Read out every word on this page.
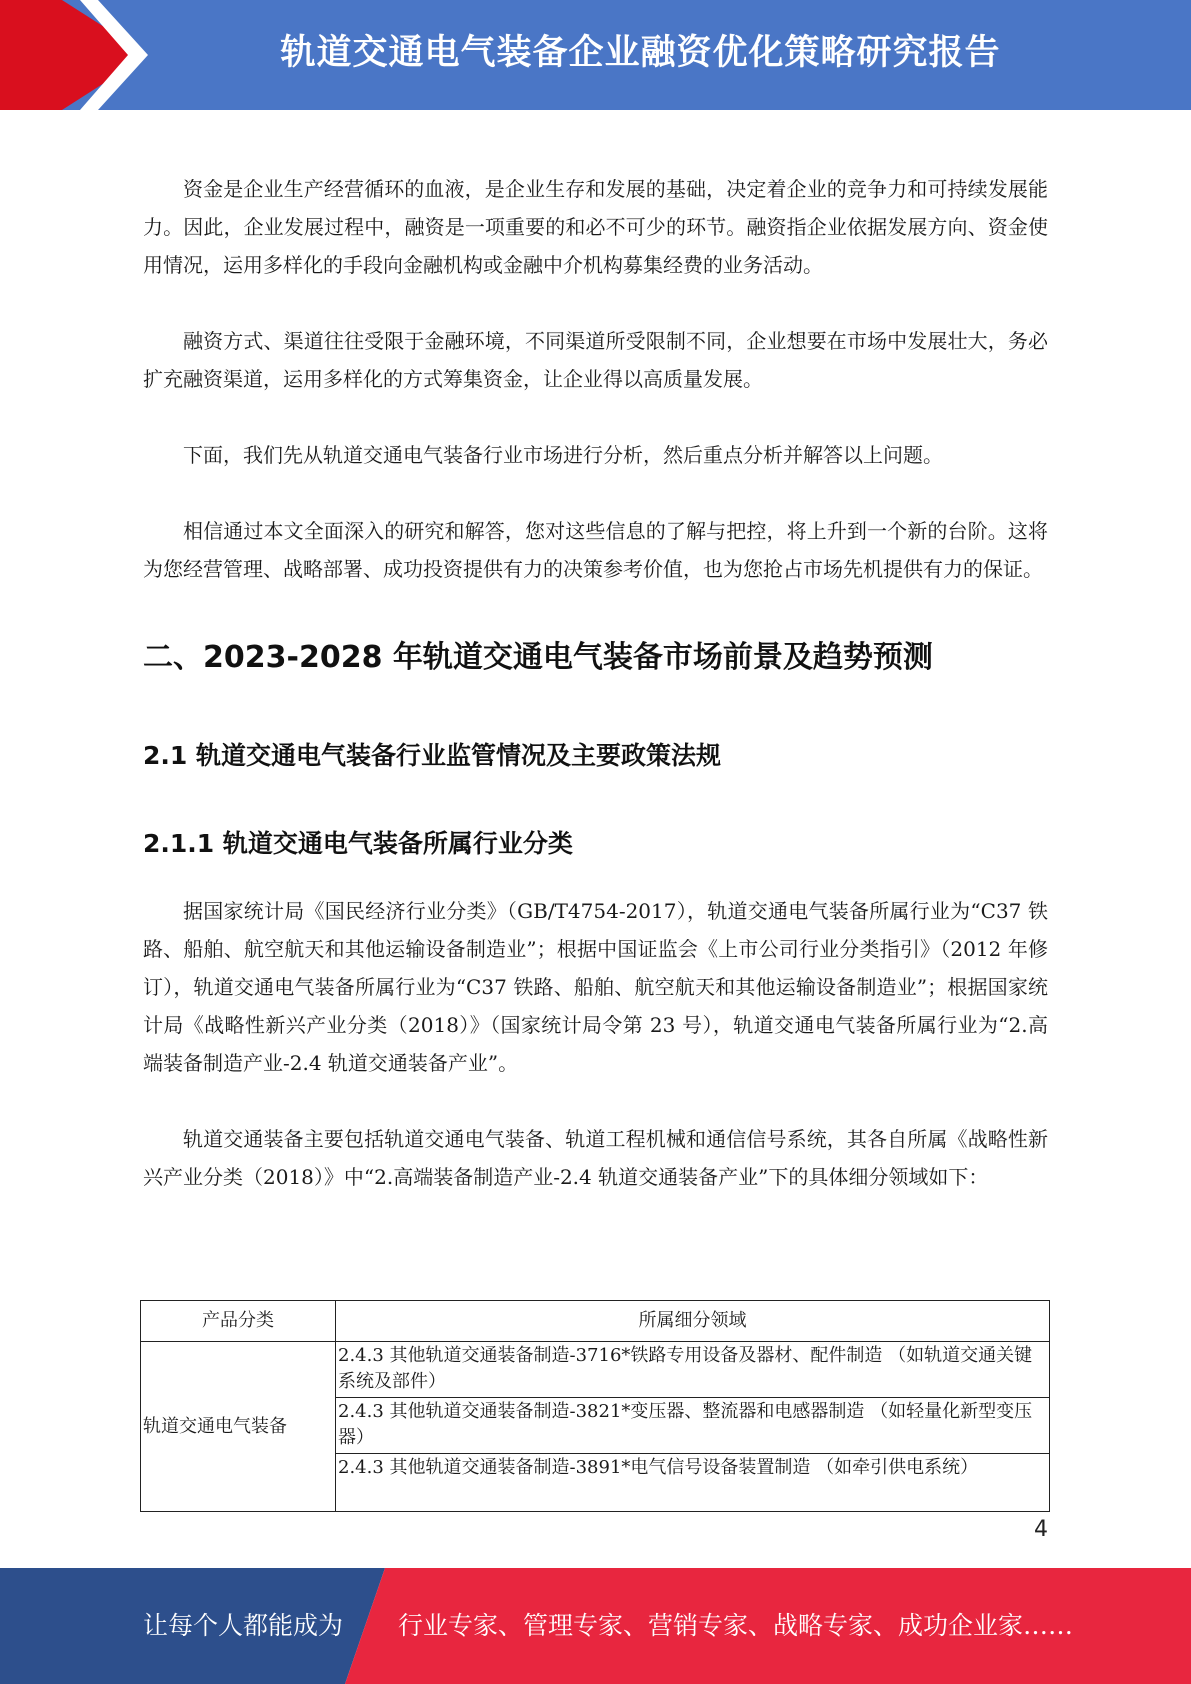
轨道交通电气装备企业融资优化策略研究报告

资金是企业生产经营循环的血液，是企业生存和发展的基础，决定着企业的竞争力和可持续发展能力。因此，企业发展过程中，融资是一项重要的和必不可少的环节。融资指企业依据发展方向、资金使用情况，运用多样化的手段向金融机构或金融中介机构募集经费的业务活动。

融资方式、渠道往往受限于金融环境，不同渠道所受限制不同，企业想要在市场中发展壮大，务必扩充融资渠道，运用多样化的方式筹集资金，让企业得以高质量发展。

下面，我们先从轨道交通电气装备行业市场进行分析，然后重点分析并解答以上问题。

相信通过本文全面深入的研究和解答，您对这些信息的了解与把控，将上升到一个新的台阶。这将为您经营管理、战略部署、成功投资提供有力的决策参考价值，也为您抢占市场先机提供有力的保证。

二、2023-2028 年轨道交通电气装备市场前景及趋势预测
2.1 轨道交通电气装备行业监管情况及主要政策法规
2.1.1 轨道交通电气装备所属行业分类

据国家统计局《国民经济行业分类》（GB/T4754-2017），轨道交通电气装备所属行业为“C37 铁路、船舶、航空航天和其他运输设备制造业”；根据中国证监会《上市公司行业分类指引》（2012 年修订），轨道交通电气装备所属行业为“C37 铁路、船舶、航空航天和其他运输设备制造业”；根据国家统计局《战略性新兴产业分类（2018）》（国家统计局令第 23 号），轨道交通电气装备所属行业为“2.高端装备制造产业-2.4 轨道交通装备产业”。

轨道交通装备主要包括轨道交通电气装备、轨道工程机械和通信信号系统，其各自所属《战略性新兴产业分类（2018）》中“2.高端装备制造产业-2.4 轨道交通装备产业”下的具体细分领域如下：

产品分类	所属细分领域
轨道交通电气装备	2.4.3 其他轨道交通装备制造-3716*铁路专用设备及器材、配件制造 （如轨道交通关键系统及部件）
	2.4.3 其他轨道交通装备制造-3821*变压器、整流器和电感器制造 （如轻量化新型变压器）
	2.4.3 其他轨道交通装备制造-3891*电气信号设备装置制造 （如牵引供电系统）
4
让每个人都能成为 行业专家、管理专家、营销专家、战略专家、成功企业家……
